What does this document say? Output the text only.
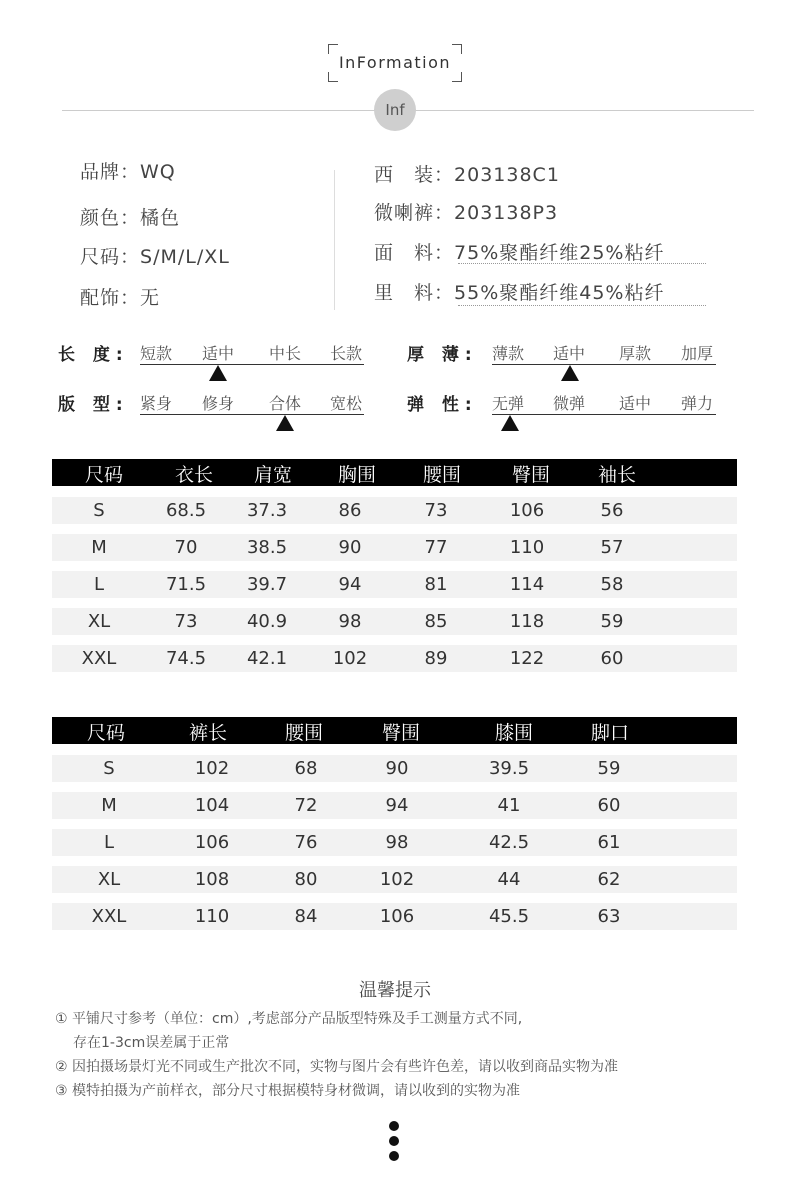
InFormation
Inf
品牌：WQ
颜色：橘色
尺码：S/M/L/XL
配饰：无
西　装：203138C1
微喇裤：203138P3
面　料：75%聚酯纤维25%粘纤
里　料：55%聚酯纤维45%粘纤
长 度: 短款 适中 中长 长款	厚 薄: 薄款 适中 厚款 加厚
版 型: 紧身 修身 合体 宽松	弹 性: 无弹 微弹 适中 弹力
尺码	衣长 肩宽 胸围 腰围	臀围	袖长
S	68.5 37.3	86	73	106	56
M	70	38.5	90	77	110	57
L	71.5 39.7	94	81	114	58
XL	73	40.9	98	85	118	59
XXL	74.5 42.1	102	89	122	60
尺码	裤长	腰围	臀围	膝围	脚口
S	102	68	90	39.5	59
M	104	72	94	41	60
L	106	76	98	42.5	61
XL	108	80	102	44	62
XXL	110	84	106	45.5	63
温馨提示
① 平铺尺寸参考（单位：cm）,考虑部分产品版型特殊及手工测量方式不同,
存在1-3cm误差属于正常
② 因拍摄场景灯光不同或生产批次不同，实物与图片会有些许色差，请以收到商品实物为准
③ 模特拍摄为产前样衣，部分尺寸根据模特身材微调，请以收到的实物为准
